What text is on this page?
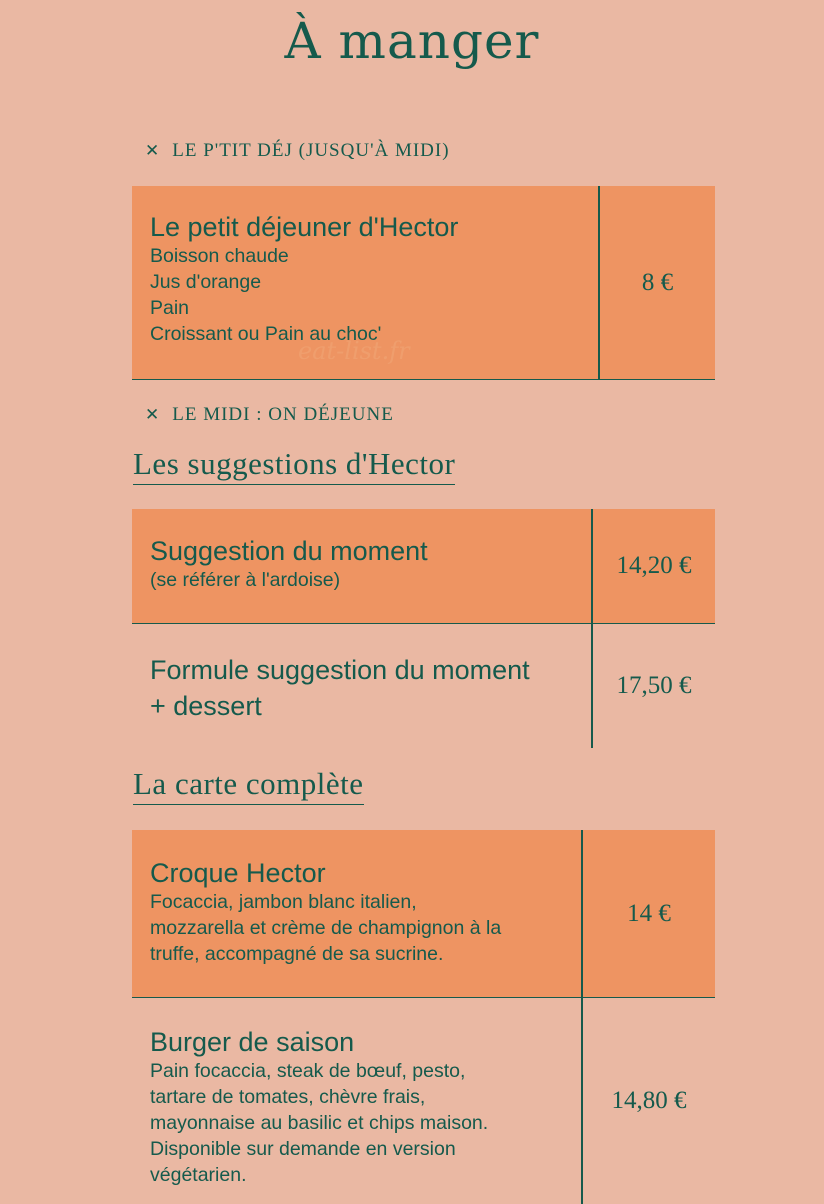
À manger
✕ LE P'TIT DÉJ (JUSQU'À MIDI)
Le petit déjeuner d'Hector
Boisson chaude
Jus d'orange
Pain
Croissant ou Pain au choc'
8 €
eat-list.fr
✕ LE MIDI : ON DÉJEUNE
Les suggestions d'Hector
Suggestion du moment
(se référer à l'ardoise)
14,20 €
Formule suggestion du moment
+ dessert
17,50 €
La carte complète
Croque Hector
Focaccia, jambon blanc italien,
mozzarella et crème de champignon à la
truffe, accompagné de sa sucrine.
14 €
Burger de saison
Pain focaccia, steak de bœuf, pesto,
tartare de tomates, chèvre frais,
mayonnaise au basilic et chips maison.
Disponible sur demande en version
végétarien.
14,80 €
